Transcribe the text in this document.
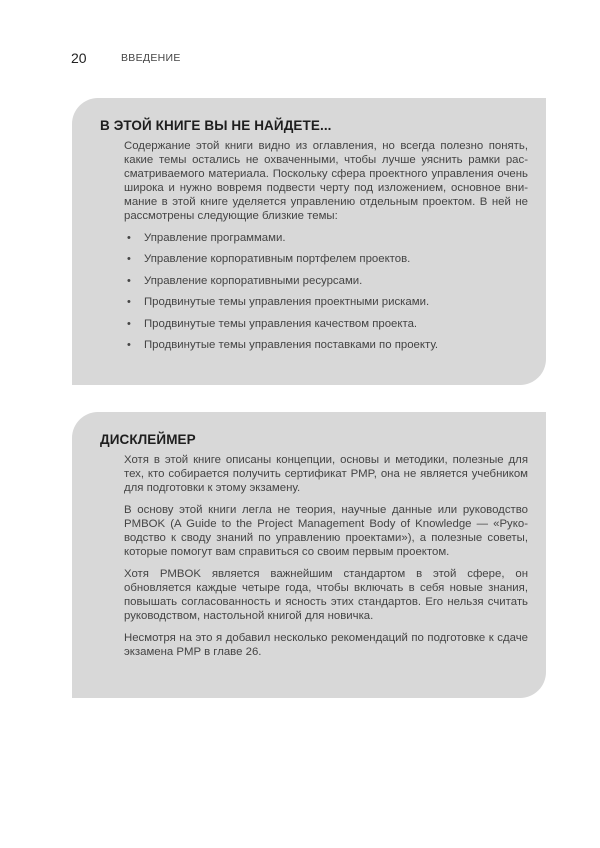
20	ВВЕДЕНИЕ
В ЭТОЙ КНИГЕ ВЫ НЕ НАЙДЕТЕ...

Содержание этой книги видно из оглавления, но всегда полезно понять, какие темы остались не охваченными, чтобы лучше уяснить рамки рассматриваемого материала. Поскольку сфера проектного управления очень широка и нужно вовремя подвести черту под изложением, основное внимание в этой книге уделяется управлению отдельным проектом. В ней не рассмотрены следующие близкие темы:

• Управление программами.
• Управление корпоративным портфелем проектов.
• Управление корпоративными ресурсами.
• Продвинутые темы управления проектными рисками.
• Продвинутые темы управления качеством проекта.
• Продвинутые темы управления поставками по проекту.
ДИСКЛЕЙМЕР

Хотя в этой книге описаны концепции, основы и методики, полезные для тех, кто собирается получить сертификат PMP, она не является учебником для подготовки к этому экзамену.

В основу этой книги легла не теория, научные данные или руководство PMBOK (A Guide to the Project Management Body of Knowledge — «Руководство к своду знаний по управлению проектами»), а полезные советы, которые помогут вам справиться со своим первым проектом.

Хотя PMBOK является важнейшим стандартом в этой сфере, он обновляется каждые четыре года, чтобы включать в себя новые знания, повышать согласованность и ясность этих стандартов. Его нельзя считать руководством, настольной книгой для новичка.

Несмотря на это я добавил несколько рекомендаций по подготовке к сдаче экзамена PMP в главе 26.
